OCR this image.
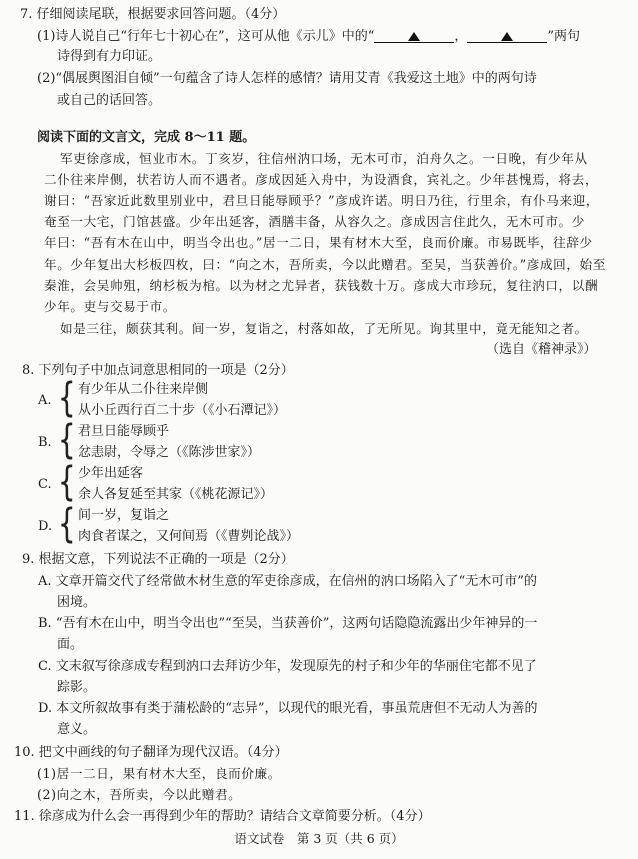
7. 仔细阅读尾联，根据要求回答问题。（4分）
(1)诗人说自己“行年七十初心在”，这可从他《示儿》中的“	，	”两句
诗得到有力印证。
(2)“偶展舆图泪自倾”一句蕴含了诗人怎样的感情？请用艾青《我爱这土地》中的两句诗
或自己的话回答。
阅读下面的文言文，完成 8～11 题。
军吏徐彦成，恒业市木。丁亥岁，往信州汭口场，无木可市，泊舟久之。一日晚，有少年从
二仆往来岸侧，状若访人而不遇者。彦成因延入舟中，为设酒食，宾礼之。少年甚愧焉，将去，
谢曰：“吾家近此数里别业中，君旦日能辱顾乎？”彦成许诺。明日乃往，行里余，有仆马来迎，
奄至一大宅，门馆甚盛。少年出延客，酒膳丰备，从容久之。彦成因言住此久，无木可市。少
年曰：“吾有木在山中，明当令出也。”居一二日，果有材木大至，良而价廉。市易既毕，往辞少
年。少年复出大杉板四枚，曰：“向之木，吾所卖，今以此赠君。至吴，当获善价。”彦成回，始至
秦淮，会吴帅殂，纳杉板为棺。以为材之尤异者，获钱数十万。彦成大市珍玩，复往汭口，以酬
少年。吏与交易于市。
如是三往，颇获其利。间一岁，复诣之，村落如故，了无所见。询其里中，竟无能知之者。
（选自《稽神录》）
8. 下列句子中加点词意思相同的一项是（2分）
A. { 有少年从二仆往来岸侧
从小丘西行百二十步（《小石潭记》）
B. { 君旦日能辱顾乎
忿恚尉，令辱之（《陈涉世家》）
C. { 少年出延客
余人各复延至其家（《桃花源记》）
D. { 间一岁，复诣之
肉食者谋之，又何间焉（《曹刿论战》）
9. 根据文意，下列说法不正确的一项是（2分）
A. 文章开篇交代了经常做木材生意的军吏徐彦成，在信州的汭口场陷入了“无木可市”的
困境。
B. “吾有木在山中，明当令出也”“至吴，当获善价”，这两句话隐隐流露出少年神异的一
面。
C. 文末叙写徐彦成专程到汭口去拜访少年，发现原先的村子和少年的华丽住宅都不见了
踪影。
D. 本文所叙故事有类于蒲松龄的“志异”，以现代的眼光看，事虽荒唐但不无动人为善的
意义。
10. 把文中画线的句子翻译为现代汉语。（4分）
(1)居一二日，果有材木大至，良而价廉。
(2)向之木，吾所卖，今以此赠君。
11. 徐彦成为什么会一再得到少年的帮助？请结合文章简要分析。（4分）
语文试卷　第 3 页（共 6 页）
